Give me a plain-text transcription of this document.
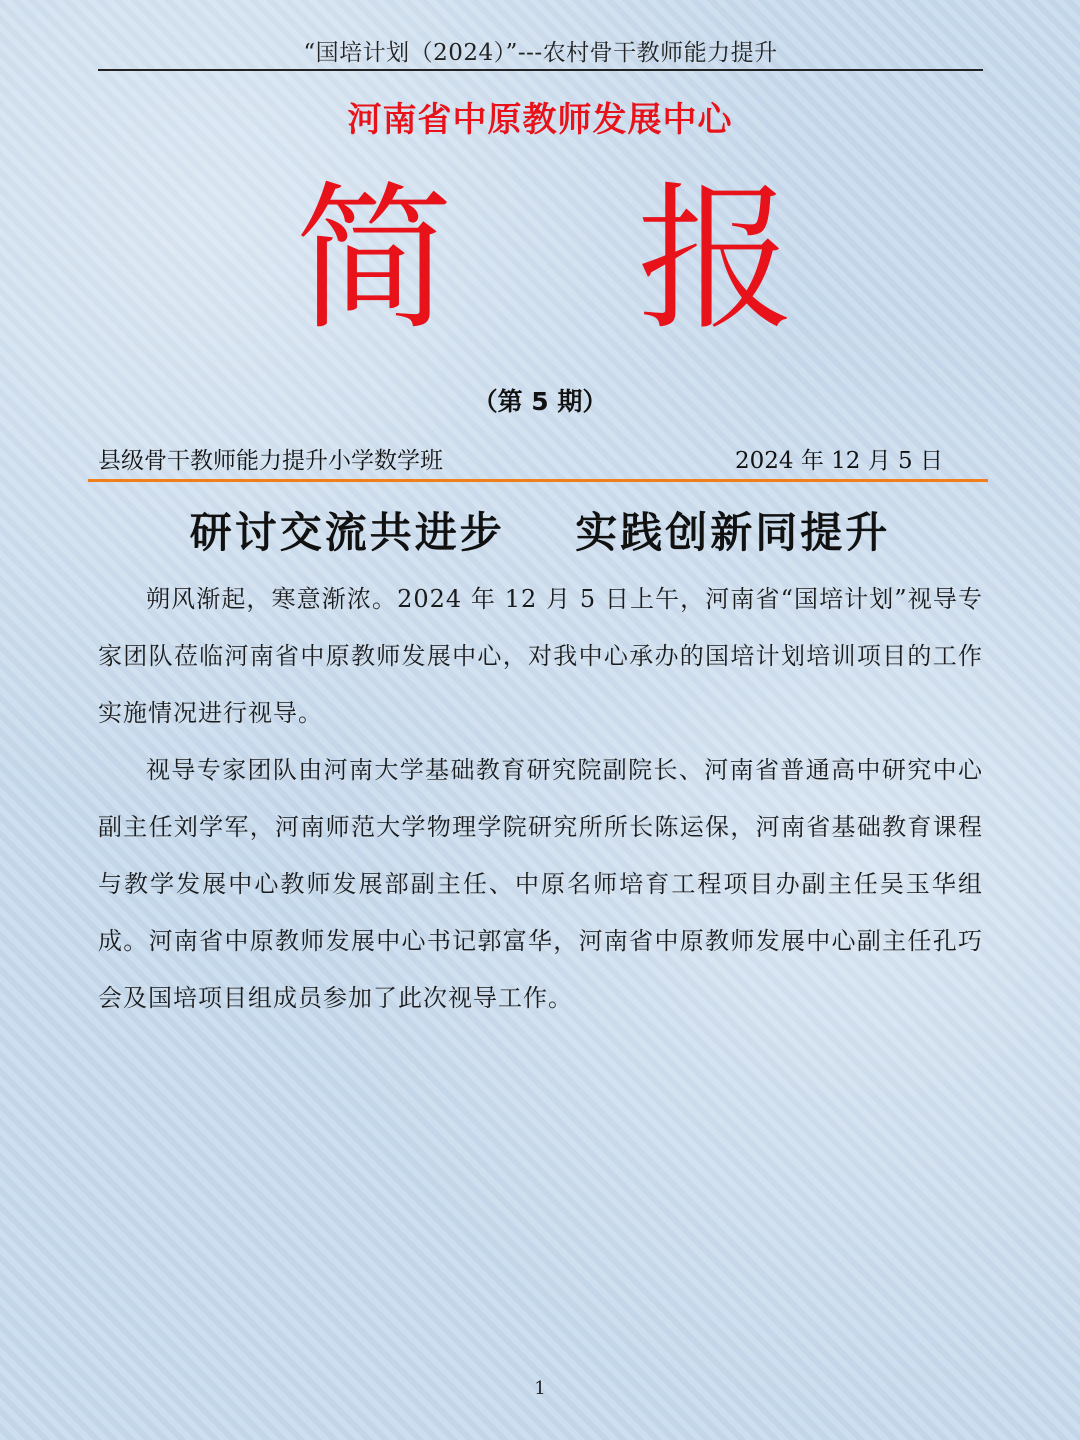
“国培计划（2024）”---农村骨干教师能力提升
河南省中原教师发展中心
简 报
（第 5 期）
县级骨干教师能力提升小学数学班	2024 年 12 月 5 日
研讨交流共进步    实践创新同提升

朔风渐起，寒意渐浓。2024 年 12 月 5 日上午，河南省“国培计划”视导专家团队莅临河南省中原教师发展中心，对我中心承办的国培计划培训项目的工作实施情况进行视导。

视导专家团队由河南大学基础教育研究院副院长、河南省普通高中研究中心副主任刘学军，河南师范大学物理学院研究所所长陈运保，河南省基础教育课程与教学发展中心教师发展部副主任、中原名师培育工程项目办副主任吴玉华组成。河南省中原教师发展中心书记郭富华，河南省中原教师发展中心副主任孔巧会及国培项目组成员参加了此次视导工作。

1
